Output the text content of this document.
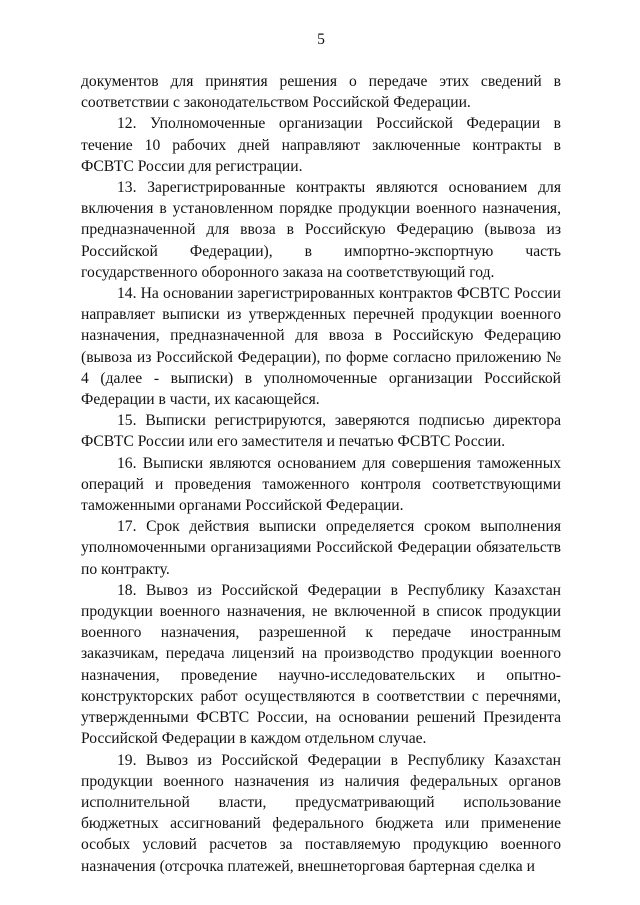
5

документов для принятия решения о передаче этих сведений в соответствии с законодательством Российской Федерации.

12. Уполномоченные организации Российской Федерации в течение 10 рабочих дней направляют заключенные контракты в ФСВТС России для регистрации.

13. Зарегистрированные контракты являются основанием для включения в установленном порядке продукции военного назначения, предназначенной для ввоза в Российскую Федерацию (вывоза из Российской Федерации), в импортно-экспортную часть государственного оборонного заказа на соответствующий год.

14. На основании зарегистрированных контрактов ФСВТС России направляет выписки из утвержденных перечней продукции военного назначения, предназначенной для ввоза в Российскую Федерацию (вывоза из Российской Федерации), по форме согласно приложению № 4 (далее - выписки) в уполномоченные организации Российской Федерации в части, их касающейся.

15. Выписки регистрируются, заверяются подписью директора ФСВТС России или его заместителя и печатью ФСВТС России.

16. Выписки являются основанием для совершения таможенных операций и проведения таможенного контроля соответствующими таможенными органами Российской Федерации.

17. Срок действия выписки определяется сроком выполнения уполномоченными организациями Российской Федерации обязательств по контракту.

18. Вывоз из Российской Федерации в Республику Казахстан продукции военного назначения, не включенной в список продукции военного назначения, разрешенной к передаче иностранным заказчикам, передача лицензий на производство продукции военного назначения, проведение научно-исследовательских и опытно-конструкторских работ осуществляются в соответствии с перечнями, утвержденными ФСВТС России, на основании решений Президента Российской Федерации в каждом отдельном случае.

19. Вывоз из Российской Федерации в Республику Казахстан продукции военного назначения из наличия федеральных органов исполнительной власти, предусматривающий использование бюджетных ассигнований федерального бюджета или применение особых условий расчетов за поставляемую продукцию военного назначения (отсрочка платежей, внешнеторговая бартерная сделка и
